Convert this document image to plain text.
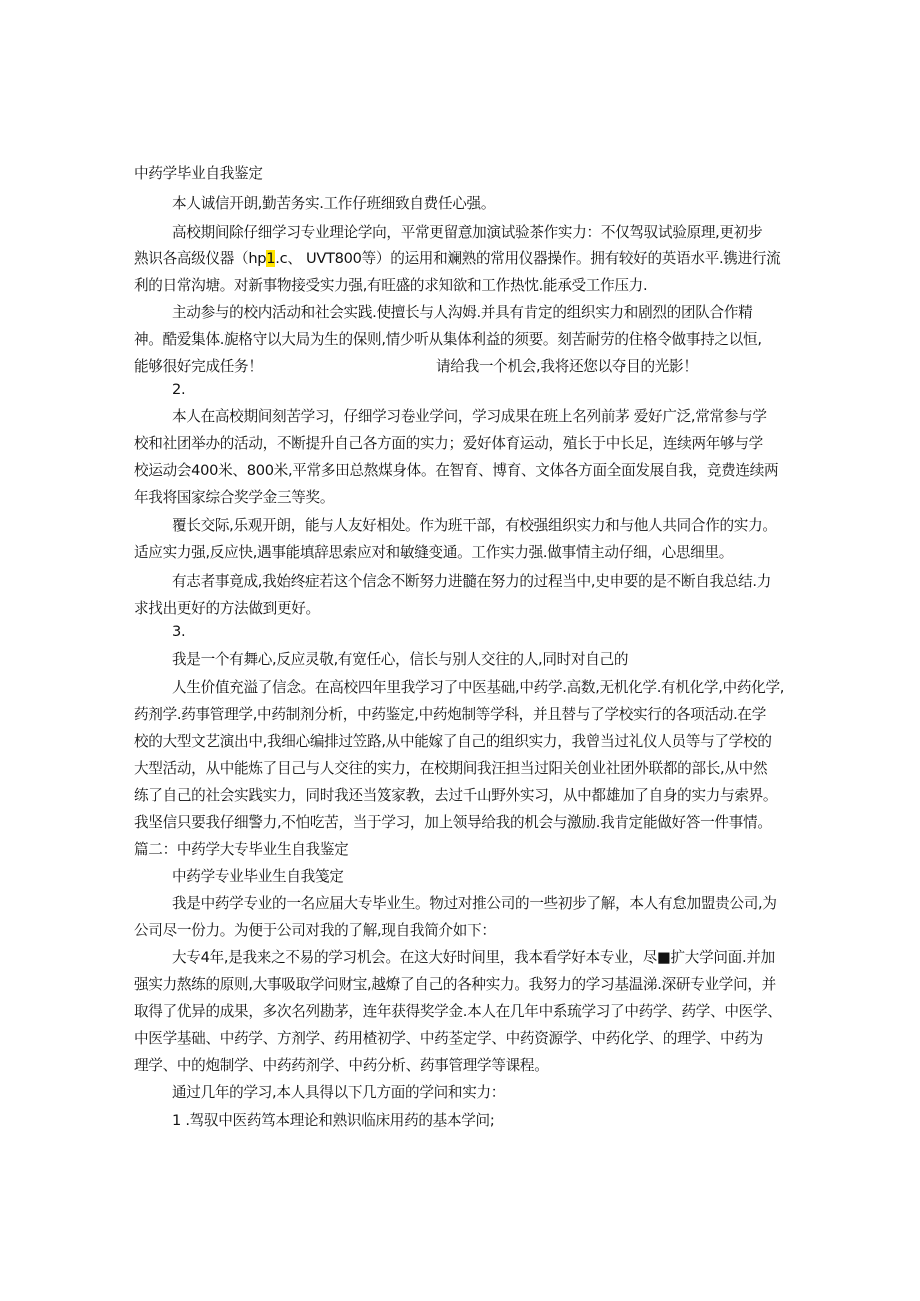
中药学毕业自我鉴定
本人诚信开朗,勤苦务实.工作仔班细致自费任心强。
高校期间除仔细学习专业理论学向，平常更留意加演试验茶作实力：不仅驾驭试验原理,更初步
熟识各高级仪器（hp1.c、 UVT800等）的运用和斓熟的常用仪器操作。拥有较好的英语水平.镌进行流
利的日常沟塘。对新事物接受实力强,有旺盛的求知欲和工作热忱.能承受工作压力.
主动参与的校内活动和社会实践.使擅长与人沟姆.并具有肯定的组织实力和剧烈的团队合作精
神。酷爱集体.旎格守以大局为生的保则,情少听从集体利益的须要。刻苦耐劳的住格令做事持之以恒,
能够很好完成任务！	请给我一个机会,我将还您以夺目的光影！
2.
本人在高校期间刻苦学习，仔细学习卷业学问，学习成果在班上名列前茅 爱好广泛,常常参与学
校和社团举办的活动，不断提升自己各方面的实力；爱好体育运动，殖长于中长足，连续两年够与学
校运动会400米、800米,平常多田总熬煤身体。在智育、博育、文体各方面全面发展自我，竞费连续两
年我将国家综合奖学金三等奖。
覆长交际,乐观开朗，能与人友好相处。作为班干部，有校强组织实力和与他人共同合作的实力。
适应实力强,反应快,遇事能填辞思索应对和敏缝变通。工作实力强.做事情主动仔细，心思细里。
有志者事竟成,我始终症若这个信念不断努力进髓在努力的过程当中,史申要的是不断自我总结.力
求找出更好的方法做到更好。
3.
我是一个有舞心,反应灵敬,有宽任心，信长与别人交往的人,同时对自己的
人生价值充溢了信念。在高校四年里我学习了中医基础,中药学.高数,无机化学.有机化学,中药化学,
药剂学.药事管理学,中药制剂分析，中药鉴定,中药炮制等学科，并且替与了学校实行的各项活动.在学
校的大型文艺演出中,我细心编排过笠路,从中能嫁了自己的组织实力，我曾当过礼仪人员等与了学校的
大型活动，从中能炼了目己与人交往的实力，在校期间我汪担当过阳关创业社团外联都的部长,从中然
练了自己的社会实践实力，同时我还当笈家教，去过千山野外实习，从中都雄加了自身的实力与索界。
我坚信只要我仔细警力,不怕吃苦，当于学习，加上领导给我的机会与激励.我肯定能做好答一件事情。
篇二：中药学大专毕业生自我鉴定
中药学专业毕业生自我笺定
我是中药学专业的一名应届大专毕业生。物过对推公司的一些初步了解，本人有怠加盟贵公司,为
公司尽一份力。为便于公司对我的了解,现自我简介如下：
大专4年,是我来之不易的学习机会。在这大好时间里，我本看学好本专业，尽■扩大学问面.并加
强实力熬练的原则,大事吸取学问财宝,越燎了自己的各种实力。我努力的学习基温涕.深研专业学问，并
取得了优异的成果，多次名列勘茅，连年获得奖学金.本人在几年中系琉学习了中药学、药学、中医学、
中医学基础、中药学、方剂学、药用楂初学、中药荃定学、中药资源学、中药化学、的理学、中药为
理学、中的炮制学、中药药剂学、中药分析、药事管理学等课程。
通过几年的学习,本人具得以下几方面的学问和实力：
1 .驾驭中医药笃本理论和熟识临床用药的基本学问;
